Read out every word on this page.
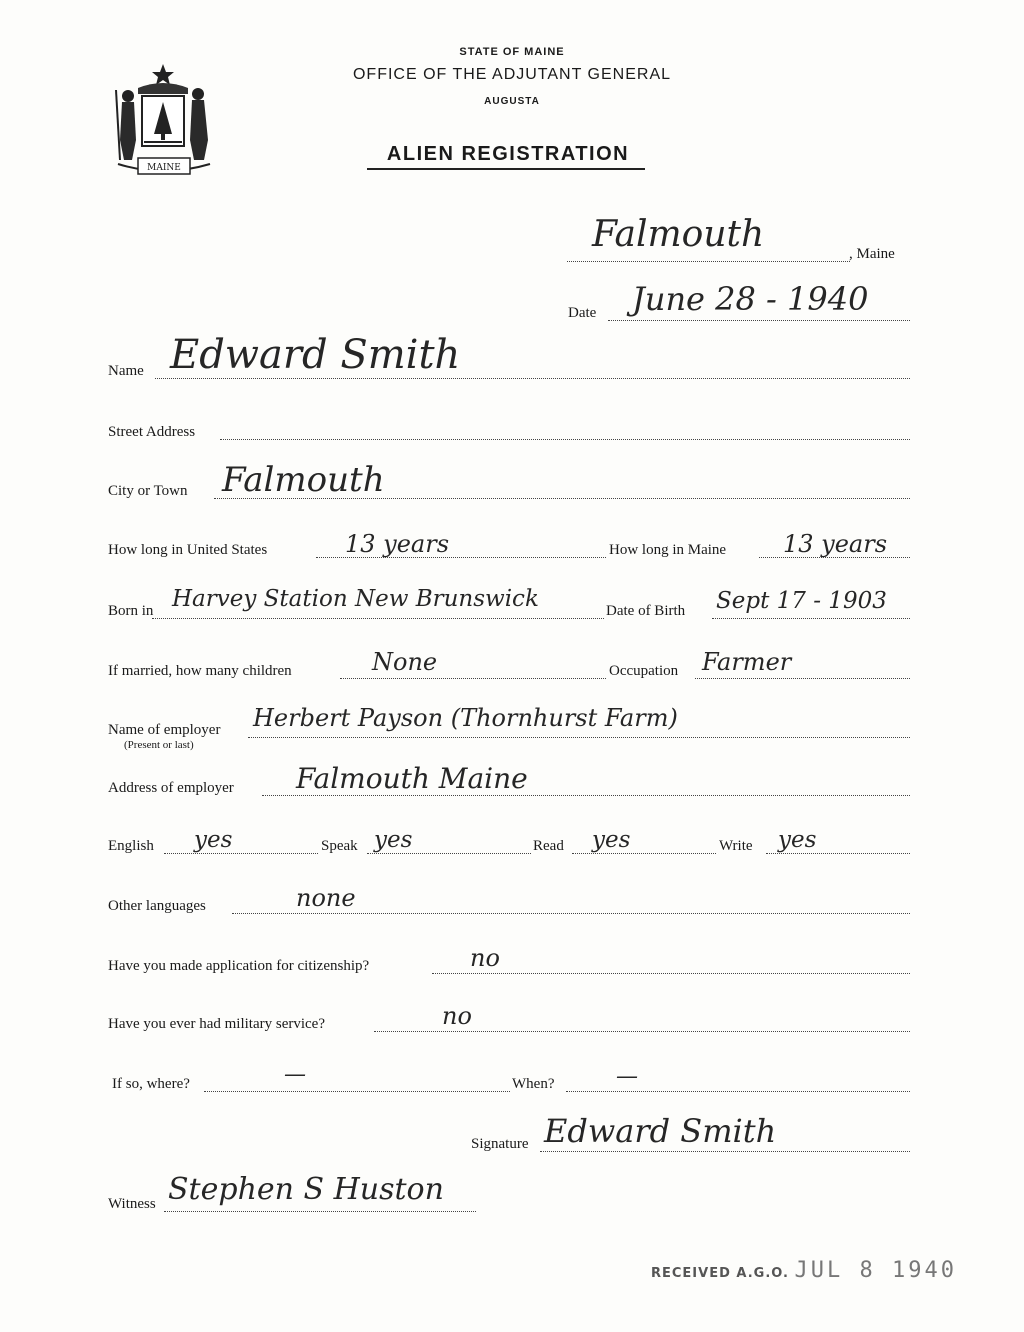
MAINE
STATE OF MAINE
OFFICE OF THE ADJUTANT GENERAL
AUGUSTA
ALIEN REGISTRATION
Falmouth	, Maine
Date June 28 - 1940
Name Edward Smith
Street Address
City or Town Falmouth
How long in United States	13 years	How long in Maine 13 years
Born in Harvey Station New Brunswick	Date of Birth Sept 17 - 1903
If married, how many children	None	Occupation Farmer
Name of employer
(Present or last)
Herbert Payson (Thornhurst Farm)
Address of employer Falmouth Maine
English yes	Speak yes	Read yes	Write yes
Other languages	none
Have you made application for citizenship?	no
Have you ever had military service?	no
If so, where?	—	When?	—
Signature Edward Smith
Witness Stephen S Huston
RECEIVED A.G.O. JUL 8 1940
